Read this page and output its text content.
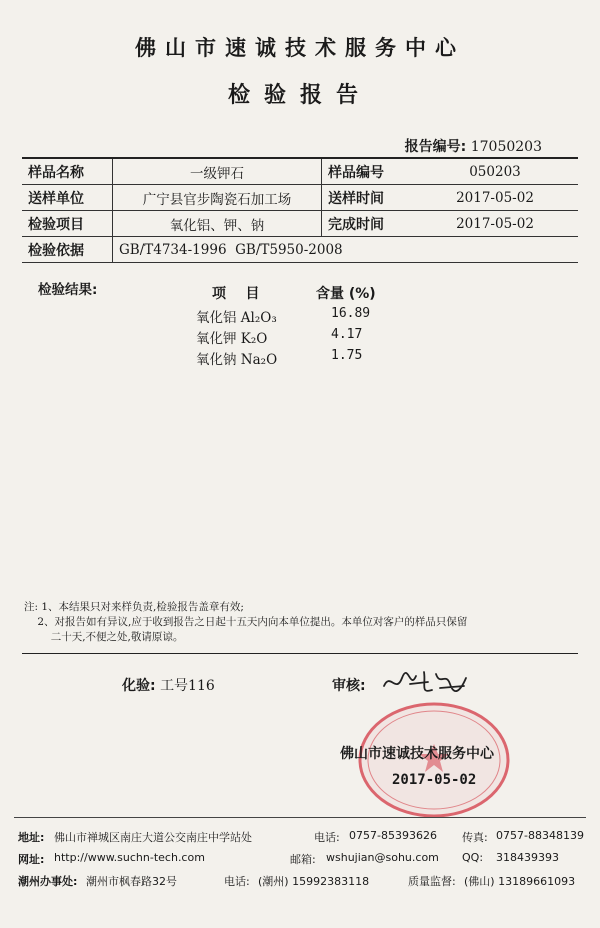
佛山市速诚技术服务中心
检验报告
报告编号: 17050203
样品名称	一级钾石	样品编号	050203
送样单位	广宁县官步陶瓷石加工场	送样时间	2017-05-02
检验项目	氧化铝、钾、钠	完成时间	2017-05-02
检验依据	GB/T4734-1996  GB/T5950-2008		
检验结果:	项    目	含量 (%)
氧化铝 Al₂O₃	16.89
氧化钾 K₂O	4.17
氧化钠 Na₂O	1.75
注: 1、本结果只对来样负责,检验报告盖章有效;
2、对报告如有异议,应于收到报告之日起十五天内向本单位提出。本单位对客户的样品只保留
二十天,不便之处,敬请原谅。
化验: 工号116	审核:
佛山市速诚技术服务中心
2017-05-02
地址: 佛山市禅城区南庄大道公交南庄中学站处	电话: 0757-85393626 传真: 0757-88348139
网址: http://www.suchn-tech.com	邮箱: wshujian@sohu.com QQ: 318439393
潮州办事处: 潮州市枫春路32号	电话: (潮州) 15992383118	质量监督: (佛山) 13189661093
